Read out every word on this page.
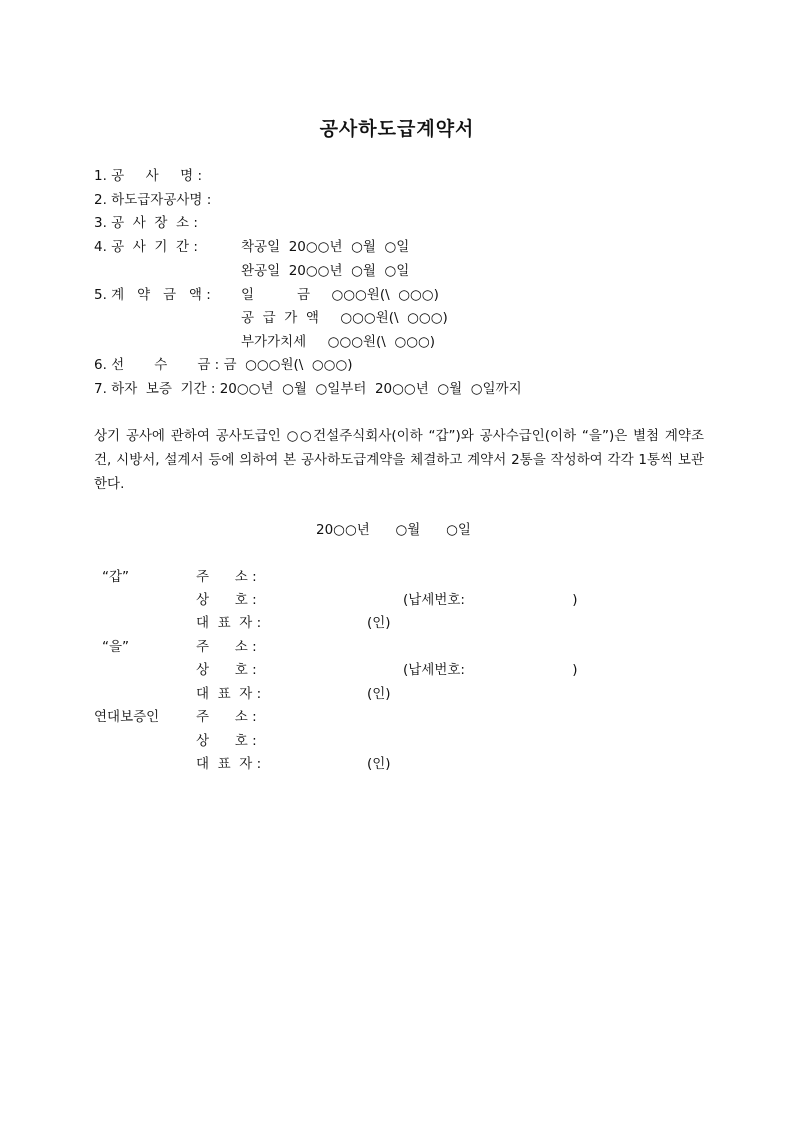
공사하도급계약서
1. 공     사     명 :
2. 하도급자공사명 :
3. 공  사  장  소 :
4. 공  사  기  간 :	착공일  20○○년  ○월  ○일
완공일  20○○년  ○월  ○일
5. 계   약   금   액 : 일          금     ○○○원(\  ○○○)
공  급  가  액     ○○○원(\  ○○○)
부가가치세     ○○○원(\  ○○○)
6. 선       수       금 : 금  ○○○원(\  ○○○)
7. 하자  보증  기간 : 20○○년  ○월  ○일부터  20○○년  ○월  ○일까지
상기 공사에 관하여 공사도급인 ○○건설주식회사(이하 “갑”)와 공사수급인(이하 “을”)은 별첨 계약조건, 시방서, 설계서 등에 의하여 본 공사하도급계약을 체결하고 계약서 2통을 작성하여 각각 1통씩 보관한다.
20○○년      ○월      ○일
“갑”	주      소 :
상      호 :	(납세번호:                         )
대  표  자 :	(인)
“을”	주      소 :
상      호 :	(납세번호:                         )
대  표  자 :	(인)
연대보증인	주      소 :
상      호 :
대  표  자 :	(인)
